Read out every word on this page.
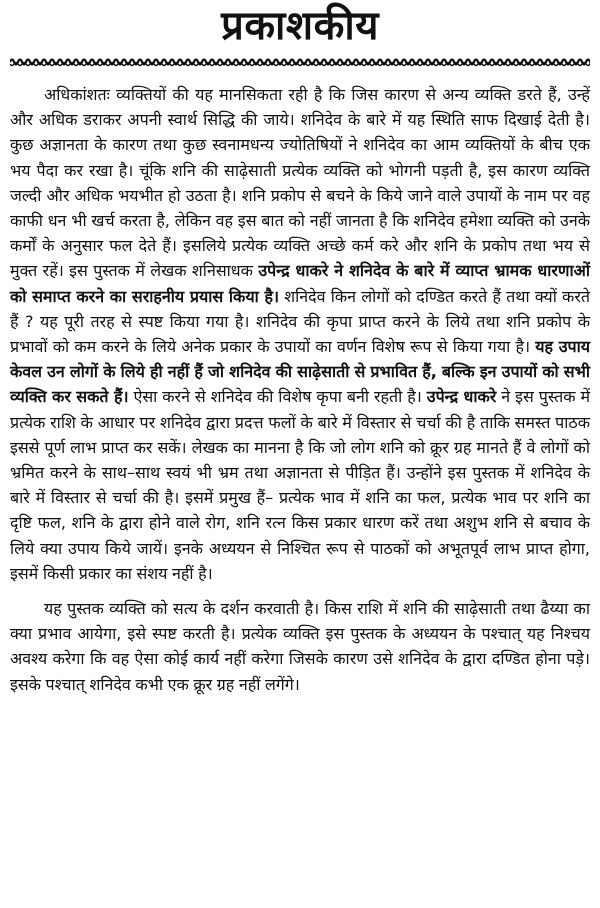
प्रकाशकीय

अधिकांशतः व्यक्तियों की यह मानसिकता रही है कि जिस कारण से अन्य व्यक्ति डरते हैं, उन्हें और अधिक डराकर अपनी स्वार्थ सिद्धि की जाये। शनिदेव के बारे में यह स्थिति साफ दिखाई देती है। कुछ अज्ञानता के कारण तथा कुछ स्वनामधन्य ज्योतिषियों ने शनिदेव का आम व्यक्तियों के बीच एक भय पैदा कर रखा है। चूंकि शनि की साढ़ेसाती प्रत्येक व्यक्ति को भोगनी पड़ती है, इस कारण व्यक्ति जल्दी और अधिक भयभीत हो उठता है। शनि प्रकोप से बचने के किये जाने वाले उपायों के नाम पर वह काफी धन भी खर्च करता है, लेकिन वह इस बात को नहीं जानता है कि शनिदेव हमेशा व्यक्ति को उनके कर्मों के अनुसार फल देते हैं। इसलिये प्रत्येक व्यक्ति अच्छे कर्म करे और शनि के प्रकोप तथा भय से मुक्त रहें। इस पुस्तक में लेखक शनिसाधक उपेन्द्र धाकरे ने शनिदेव के बारे में व्याप्त भ्रामक धारणाओं को समाप्त करने का सराहनीय प्रयास किया है। शनिदेव किन लोगों को दण्डित करते हैं तथा क्यों करते हैं ? यह पूरी तरह से स्पष्ट किया गया है। शनिदेव की कृपा प्राप्त करने के लिये तथा शनि प्रकोप के प्रभावों को कम करने के लिये अनेक प्रकार के उपायों का वर्णन विशेष रूप से किया गया है। यह उपाय केवल उन लोगों के लिये ही नहीं हैं जो शनिदेव की साढ़ेसाती से प्रभावित हैं, बल्कि इन उपायों को सभी व्यक्ति कर सकते हैं। ऐसा करने से शनिदेव की विशेष कृपा बनी रहती है। उपेन्द्र धाकरे ने इस पुस्तक में प्रत्येक राशि के आधार पर शनिदेव द्वारा प्रदत्त फलों के बारे में विस्तार से चर्चा की है ताकि समस्त पाठक इससे पूर्ण लाभ प्राप्त कर सकें। लेखक का मानना है कि जो लोग शनि को क्रूर ग्रह मानते हैं वे लोगों को भ्रमित करने के साथ–साथ स्वयं भी भ्रम तथा अज्ञानता से पीड़ित हैं। उन्होंने इस पुस्तक में शनिदेव के बारे में विस्तार से चर्चा की है। इसमें प्रमुख हैं– प्रत्येक भाव में शनि का फल, प्रत्येक भाव पर शनि का दृष्टि फल, शनि के द्वारा होने वाले रोग, शनि रत्न किस प्रकार धारण करें तथा अशुभ शनि से बचाव के लिये क्या उपाय किये जायें। इनके अध्ययन से निश्चित रूप से पाठकों को अभूतपूर्व लाभ प्राप्त होगा, इसमें किसी प्रकार का संशय नहीं है।

यह पुस्तक व्यक्ति को सत्य के दर्शन करवाती है। किस राशि में शनि की साढ़ेसाती तथा ढैय्या का क्या प्रभाव आयेगा, इसे स्पष्ट करती है। प्रत्येक व्यक्ति इस पुस्तक के अध्ययन के पश्चात् यह निश्चय अवश्य करेगा कि वह ऐसा कोई कार्य नहीं करेगा जिसके कारण उसे शनिदेव के द्वारा दण्डित होना पड़े। इसके पश्चात् शनिदेव कभी एक क्रूर ग्रह नहीं लगेंगे।
